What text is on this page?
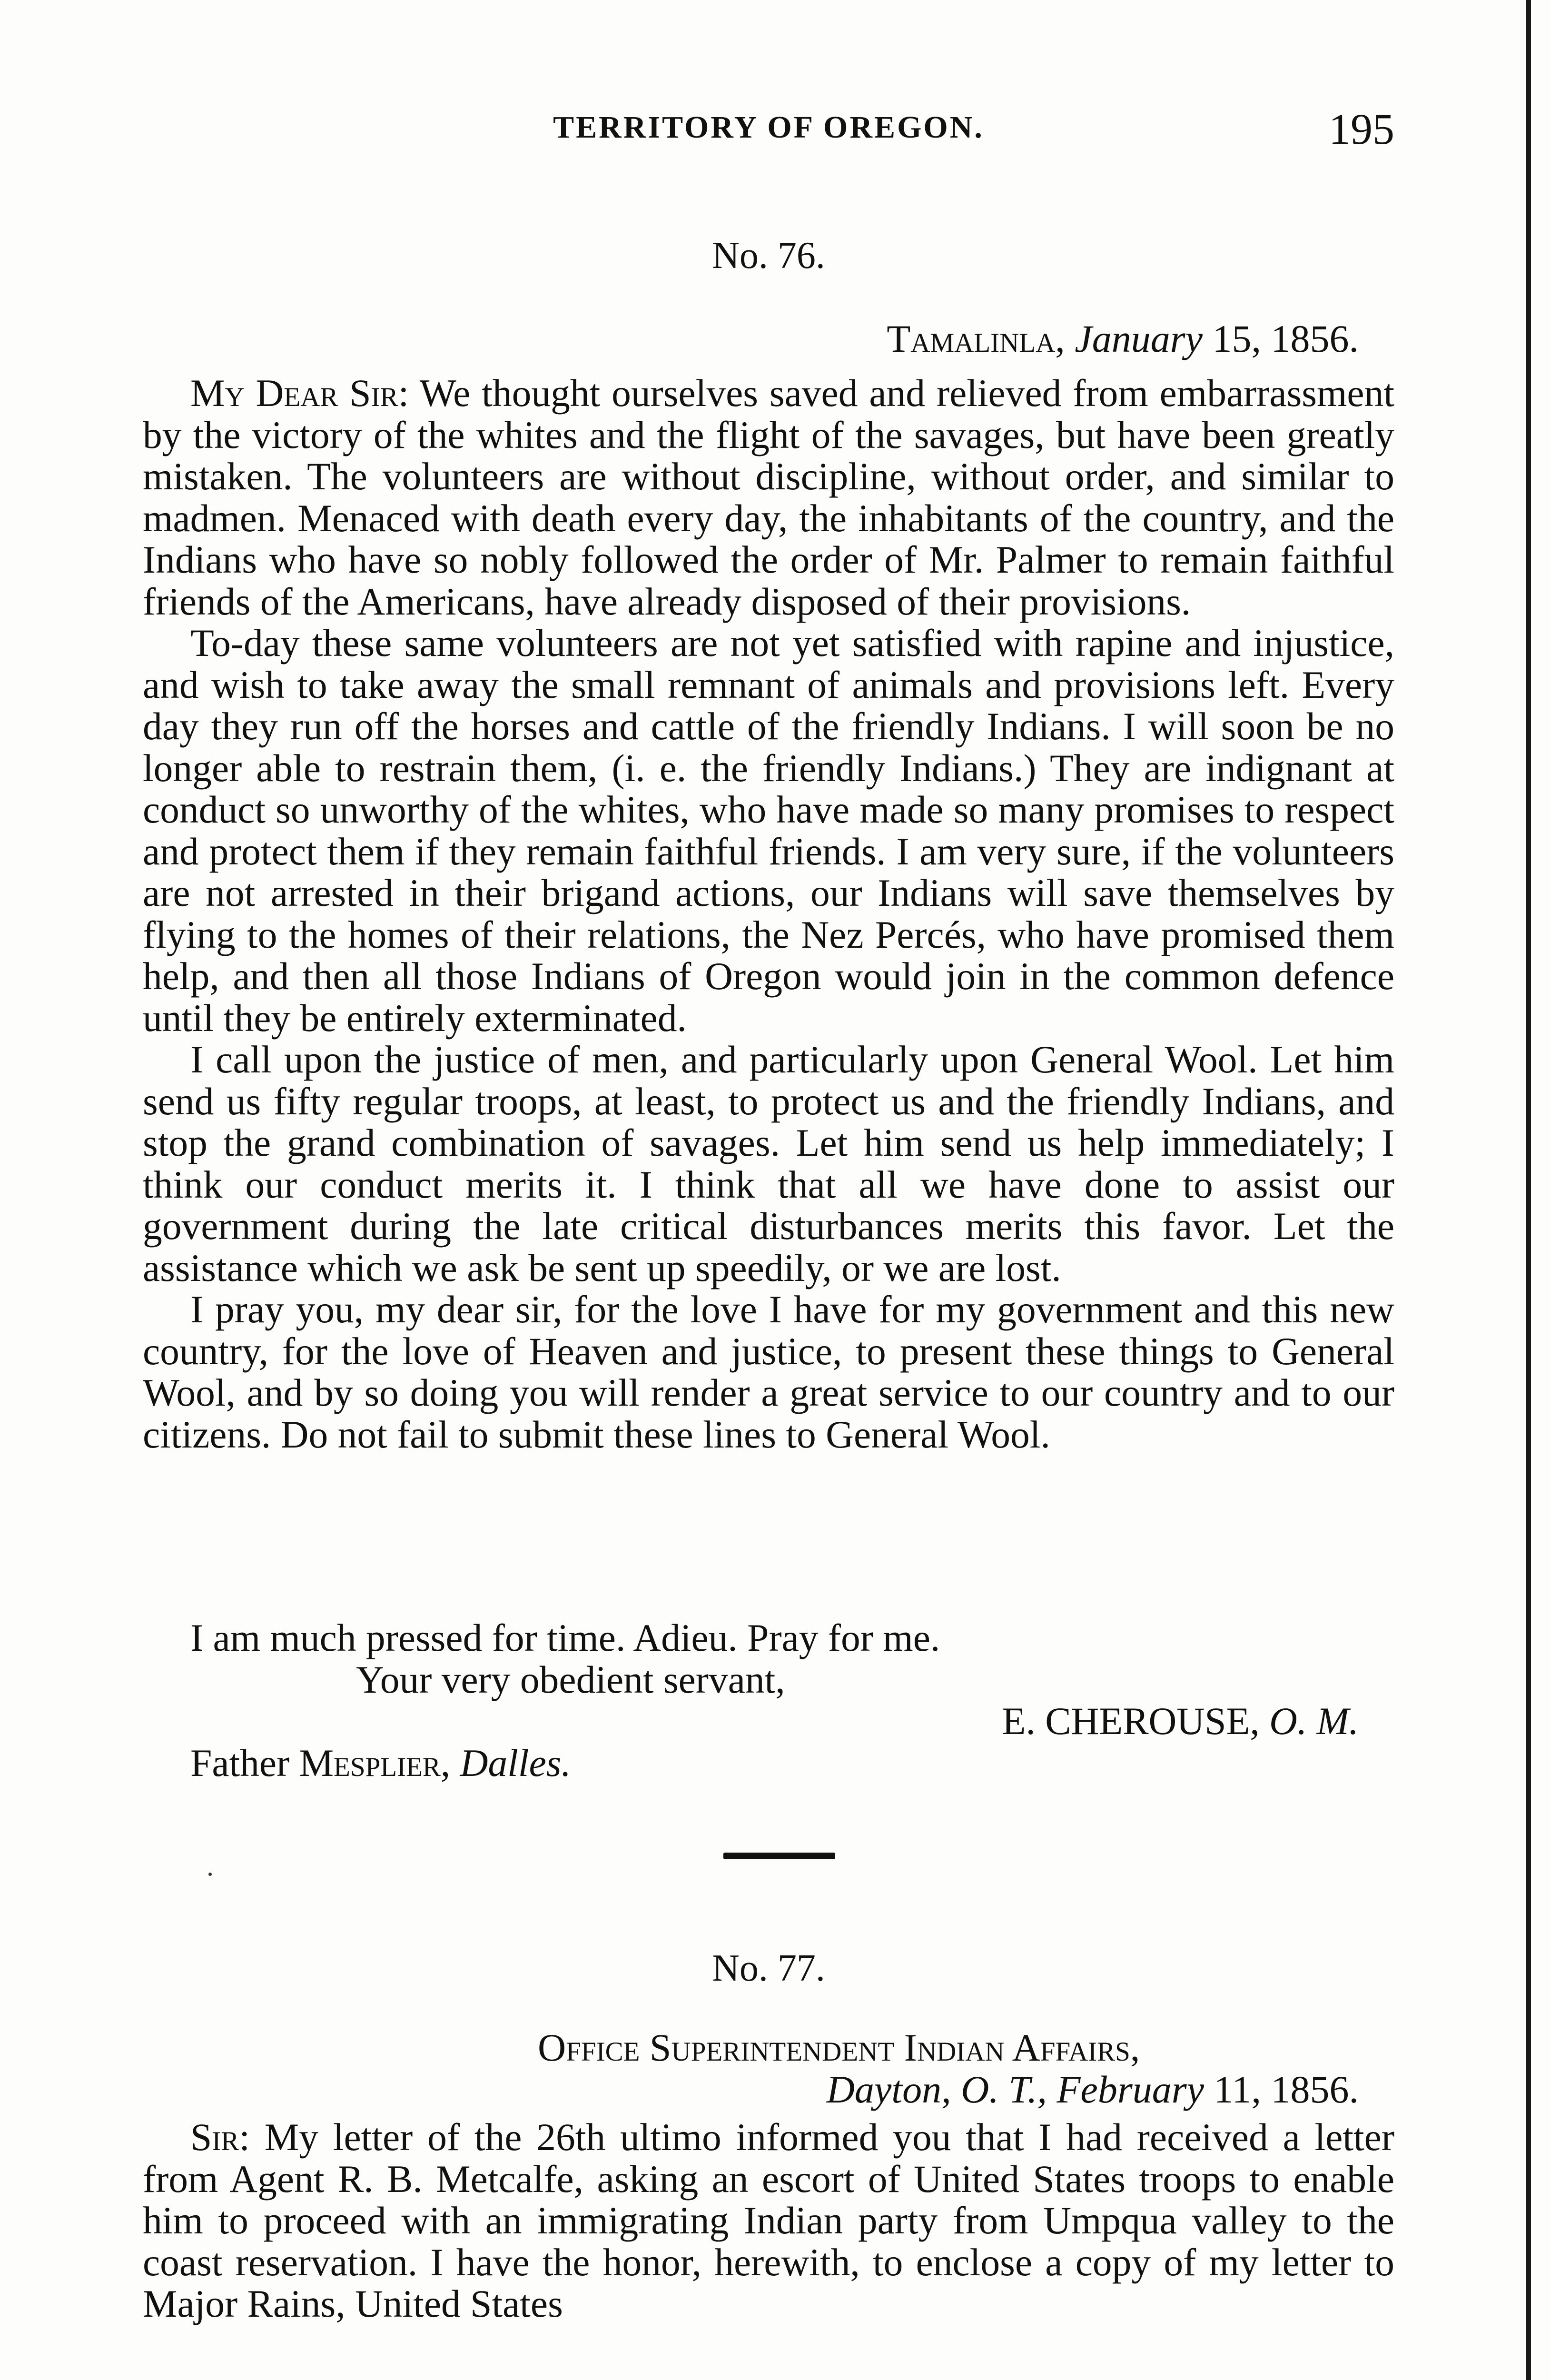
TERRITORY OF OREGON.	195
No. 76.
Tamalinla, January 15, 1856.

My Dear Sir: We thought ourselves saved and relieved from embarrassment by the victory of the whites and the flight of the savages, but have been greatly mistaken. The volunteers are without discipline, without order, and similar to madmen. Menaced with death every day, the inhabitants of the country, and the Indians who have so nobly followed the order of Mr. Palmer to remain faithful friends of the Americans, have already disposed of their provisions.

To-day these same volunteers are not yet satisfied with rapine and injustice, and wish to take away the small remnant of animals and provisions left. Every day they run off the horses and cattle of the friendly Indians. I will soon be no longer able to restrain them, (i. e. the friendly Indians.) They are indignant at conduct so unworthy of the whites, who have made so many promises to respect and protect them if they remain faithful friends. I am very sure, if the volunteers are not arrested in their brigand actions, our Indians will save themselves by flying to the homes of their relations, the Nez Percés, who have promised them help, and then all those Indians of Oregon would join in the common defence until they be entirely exterminated.

I call upon the justice of men, and particularly upon General Wool. Let him send us fifty regular troops, at least, to protect us and the friendly Indians, and stop the grand combination of savages. Let him send us help immediately; I think our conduct merits it. I think that all we have done to assist our government during the late critical disturbances merits this favor. Let the assistance which we ask be sent up speedily, or we are lost.

I pray you, my dear sir, for the love I have for my government and this new country, for the love of Heaven and justice, to present these things to General Wool, and by so doing you will render a great service to our country and to our citizens. Do not fail to submit these lines to General Wool.

I am much pressed for time. Adieu. Pray for me.
Your very obedient servant,
E. CHEROUSE, O. M.
Father Mesplier, Dalles.
No. 77.
Office Superintendent Indian Affairs,
Dayton, O. T., February 11, 1856.

Sir: My letter of the 26th ultimo informed you that I had received a letter from Agent R. B. Metcalfe, asking an escort of United States troops to enable him to proceed with an immigrating Indian party from Umpqua valley to the coast reservation. I have the honor, herewith, to enclose a copy of my letter to Major Rains, United States
